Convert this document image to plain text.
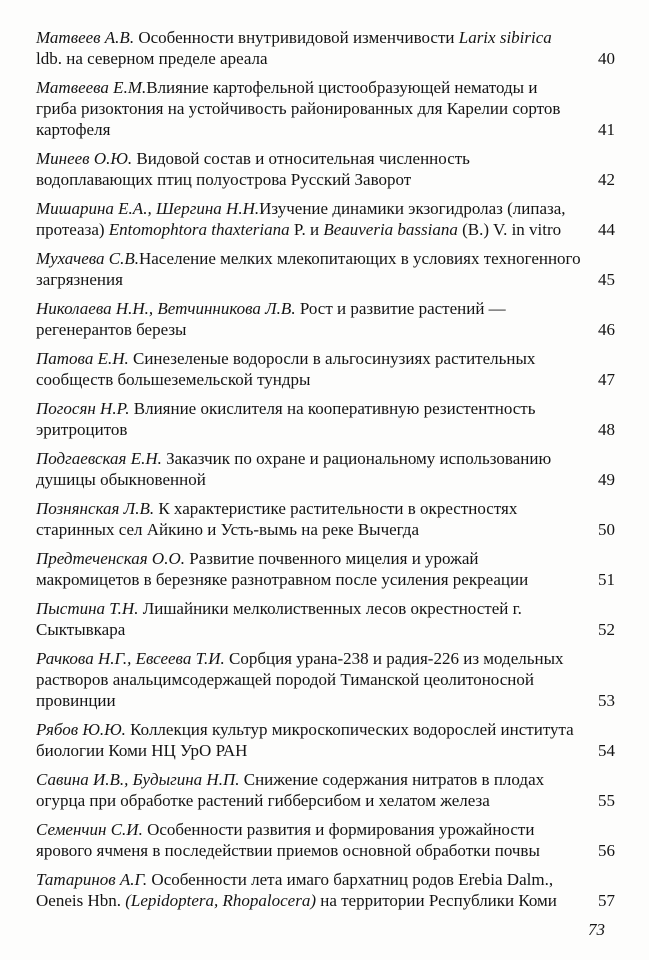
Матвеев А.В. Особенности внутривидовой изменчивости Larix sibirica ldb. на северном пределе ареала	40
Матвеева Е.М.Влияние картофельной цистообразующей нематоды и гриба ризоктония на устойчивость районированных для Карелии сортов картофеля	41
Минеев О.Ю. Видовой состав и относительная численность водоплавающих птиц полуострова Русский Заворот	42
Мишарина Е.А., Шергина Н.Н.Изучение динамики экзогидролаз (липаза, протеаза) Entomophtora thaxteriana P. и Beauveria bassiana (B.) V. in vitro 44
Мухачева С.В.Население мелких млекопитающих в условиях техногенного загрязнения	45
Николаева Н.Н., Ветчинникова Л.В. Рост и развитие растений — регенерантов березы	46
Патова Е.Н. Синезеленые водоросли в альгосинузиях растительных сообществ большеземельской тундры	47
Погосян Н.Р. Влияние окислителя на кооперативную резистентность эритроцитов	48
Подгаевская Е.Н. Заказчик по охране и рациональному использованию душицы обыкновенной	49
Познянская Л.В. К характеристике растительности в окрестностях старинных сел Айкино и Усть-вымь на реке Вычегда	50
Предтеченская О.О. Развитие почвенного мицелия и урожай макромицетов в березняке разнотравном после усиления рекреации	51
Пыстина Т.Н. Лишайники мелколиственных лесов окрестностей г. Сыктывкара	52
Рачкова Н.Г., Евсеева Т.И. Сорбция урана-238 и радия-226 из модельных растворов анальцимсодержащей породой Тиманской цеолитоносной провинции	53
Рябов Ю.Ю. Коллекция культур микроскопических водорослей института биологии Коми НЦ УрО РАН	54
Савина И.В., Будыгина Н.П. Снижение содержания нитратов в плодах огурца при обработке растений гибберсибом и хелатом железа	55
Семенчин С.И. Особенности развития и формирования урожайности ярового ячменя в последействии приемов основной обработки почвы	56
Татаринов А.Г. Особенности лета имаго бархатниц родов Erebia Dalm., Oeneis Hbn. (Lepidoptera, Rhopalocera) на территории Республики Коми 57
73
